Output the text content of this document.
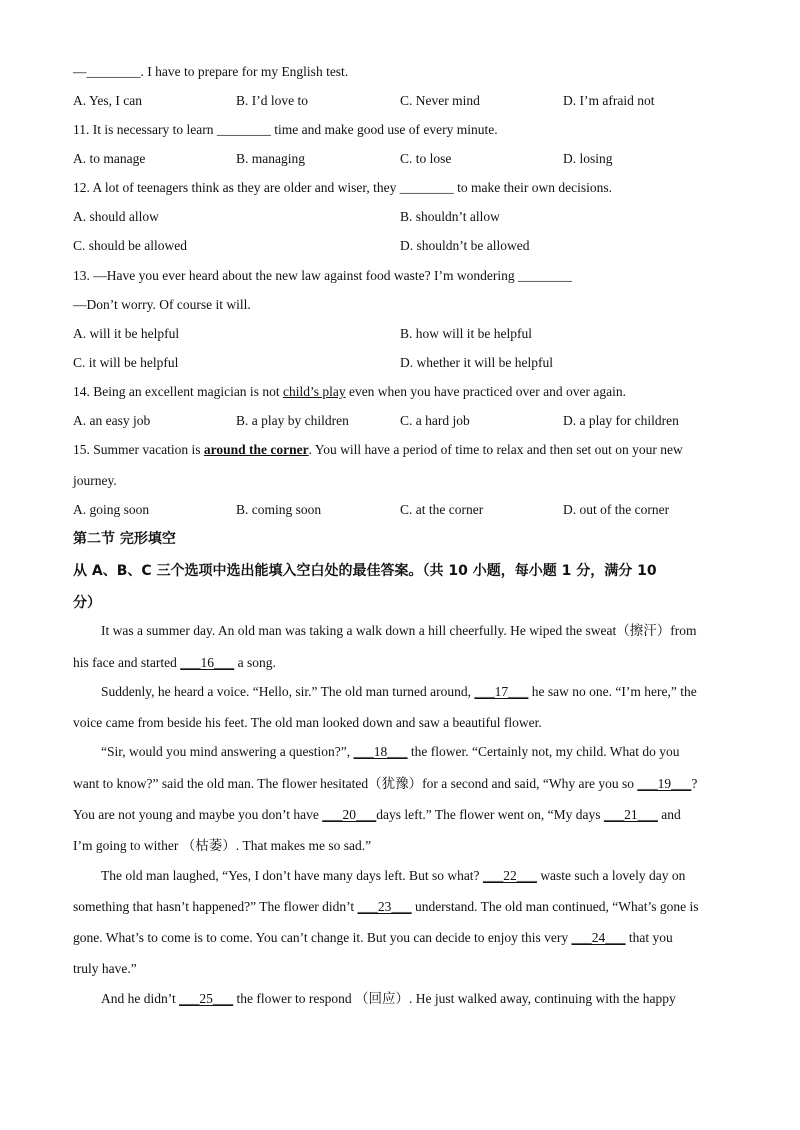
—________. I have to prepare for my English test.
A. Yes, I can	B. I’d love to	C. Never mind	D. I’m afraid not
11. It is necessary to learn ________ time and make good use of every minute.
A. to manage	B. managing	C. to lose	D. losing
12. A lot of teenagers think as they are older and wiser, they ________ to make their own decisions.
A. should allow	B. shouldn’t allow
C. should be allowed	D. shouldn’t be allowed
13. —Have you ever heard about the new law against food waste? I’m wondering ________
—Don’t worry. Of course it will.
A. will it be helpful	B. how will it be helpful
C. it will be helpful	D. whether it will be helpful
14. Being an excellent magician is not child’s play even when you have practiced over and over again.
A. an easy job	B. a play by children	C. a hard job	D. a play for children
15. Summer vacation is around the corner. You will have a period of time to relax and then set out on your new
journey.
A. going soon	B. coming soon	C. at the corner	D. out of the corner
第二节 完形填空
从 A、B、C 三个选项中选出能填入空白处的最佳答案。（共 10 小题，每小题 1 分，满分 10
分）
It was a summer day. An old man was taking a walk down a hill cheerfully. He wiped the sweat（擦汗）from
his face and started ___16___ a song.
Suddenly, he heard a voice. “Hello, sir.” The old man turned around, ___17___ he saw no one. “I’m here,” the
voice came from beside his feet. The old man looked down and saw a beautiful flower.
“Sir, would you mind answering a question?”, ___18___ the flower. “Certainly not, my child. What do you
want to know?” said the old man. The flower hesitated（犹豫）for a second and said, “Why are you so ___19___?
You are not young and maybe you don’t have ___20___days left.” The flower went on, “My days ___21___ and
I’m going to wither （枯萎）. That makes me so sad.”
The old man laughed, “Yes, I don’t have many days left. But so what? ___22___ waste such a lovely day on
something that hasn’t happened?” The flower didn’t ___23___ understand. The old man continued, “What’s gone is
gone. What’s to come is to come. You can’t change it. But you can decide to enjoy this very ___24___ that you
truly have.”
And he didn’t ___25___ the flower to respond （回应）. He just walked away, continuing with the happy
